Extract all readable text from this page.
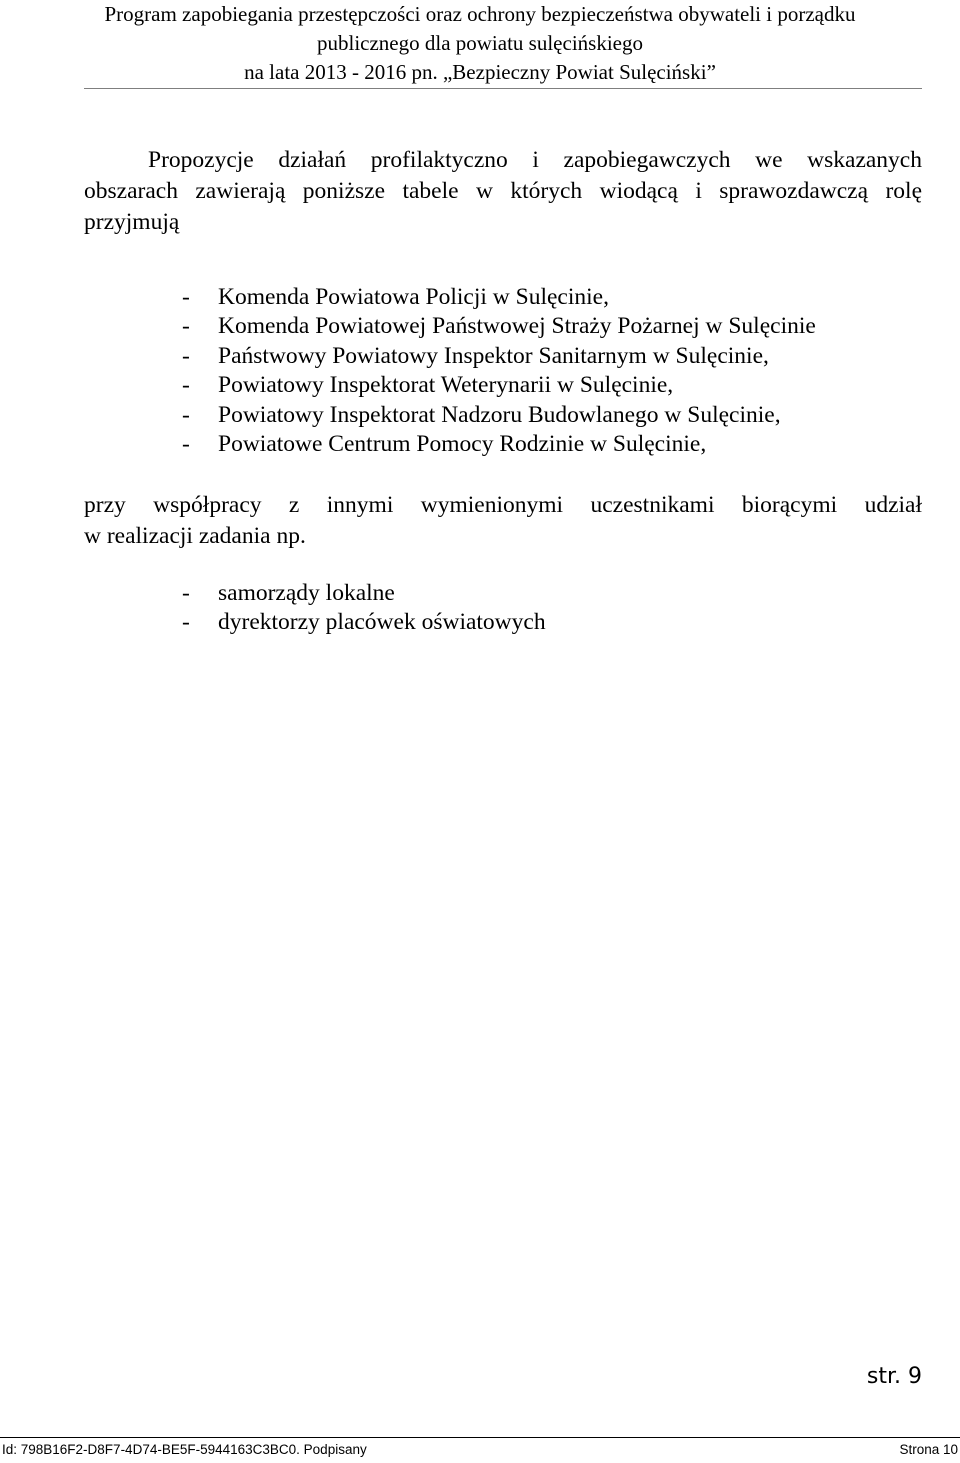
Program zapobiegania przestępczości oraz ochrony bezpieczeństwa obywateli i porządku
publicznego dla powiatu sulęcińskiego
na lata 2013 - 2016 pn. „Bezpieczny Powiat Sulęciński”
Propozycje działań profilaktyczno i zapobiegawczych we wskazanych
obszarach zawierają poniższe tabele w których wiodącą i sprawozdawczą rolę
przyjmują
- Komenda Powiatowa Policji w Sulęcinie,
- Komenda Powiatowej Państwowej Straży Pożarnej w Sulęcinie
- Państwowy Powiatowy Inspektor Sanitarnym w Sulęcinie,
- Powiatowy Inspektorat Weterynarii w Sulęcinie,
- Powiatowy Inspektorat Nadzoru Budowlanego w Sulęcinie,
- Powiatowe Centrum Pomocy Rodzinie w Sulęcinie,
przy współpracy z innymi wymienionymi uczestnikami biorącymi udział
w realizacji zadania np.
- samorządy lokalne
- dyrektorzy placówek oświatowych
str. 9
Id: 798B16F2-D8F7-4D74-BE5F-5944163C3BC0. Podpisany	Strona 10
